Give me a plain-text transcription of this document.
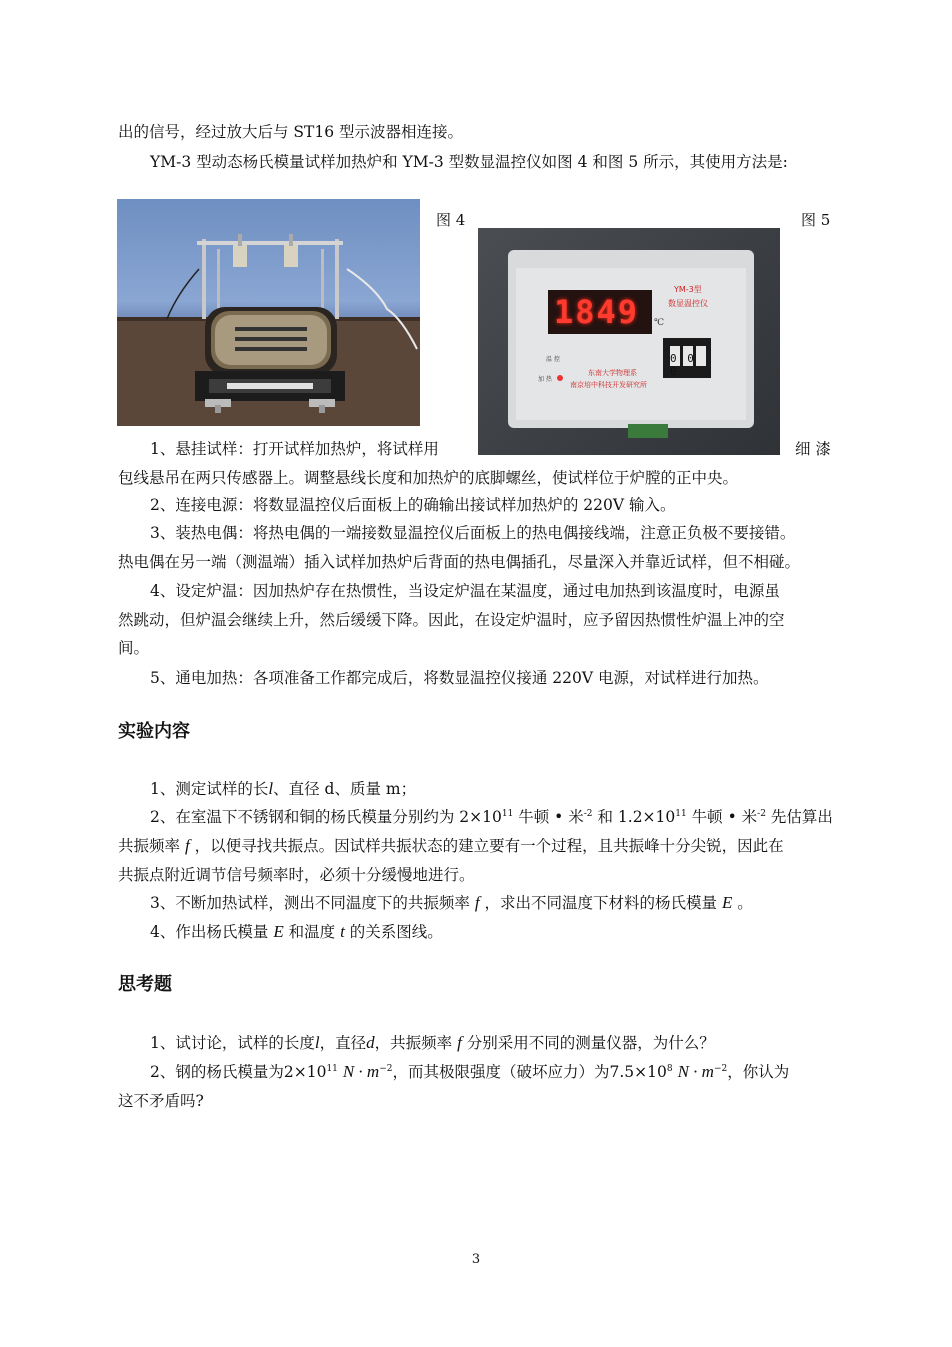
出的信号，经过放大后与 ST16 型示波器相连接。
YM-3 型动态杨氏模量试样加热炉和 YM-3 型数显温控仪如图 4 和图 5 所示，其使用方法是:
图 4	图 5
1849	℃
YM-3型
数显温控仪
温 控
加 热
0 0 0
东南大学物理系
南京培中科技开发研究所
1、悬挂试样：打开试样加热炉，将试样用	细 漆
包线悬吊在两只传感器上。调整悬线长度和加热炉的底脚螺丝，使试样位于炉膛的正中央。
2、连接电源：将数显温控仪后面板上的确输出接试样加热炉的 220V 输入。
3、装热电偶：将热电偶的一端接数显温控仪后面板上的热电偶接线端，注意正负极不要接错。
热电偶在另一端（测温端）插入试样加热炉后背面的热电偶插孔，尽量深入并靠近试样，但不相碰。
4、设定炉温：因加热炉存在热惯性，当设定炉温在某温度，通过电加热到该温度时，电源虽
然跳动，但炉温会继续上升，然后缓缓下降。因此，在设定炉温时，应予留因热惯性炉温上冲的空
间。
5、通电加热：各项准备工作都完成后，将数显温控仪接通 220V 电源，对试样进行加热。
实验内容
1、测定试样的长l、直径 d、质量 m；
2、在室温下不锈钢和铜的杨氏模量分别约为 $2\times 10^{11}$ 牛顿 • 米$^{-2}$ 和 $1.2\times 10^{11}$ 牛顿 • 米$^{-2}$ 先估算出
共振频率 f ，以便寻找共振点。因试样共振状态的建立要有一个过程，且共振峰十分尖锐，因此在
共振点附近调节信号频率时，必须十分缓慢地进行。
3、不断加热试样，测出不同温度下的共振频率 f ，求出不同温度下材料的杨氏模量 E 。
4、作出杨氏模量 E 和温度 t 的关系图线。
思考题
1、试讨论，试样的长度l，直径d，共振频率 f 分别采用不同的测量仪器，为什么？
2、钢的杨氏模量为$2\times 10^{11}$ $N \cdot m^{-2}$，而其极限强度（破坏应力）为$7.5\times 10^8$ $N \cdot m^{-2}$，你认为
这不矛盾吗?
3
